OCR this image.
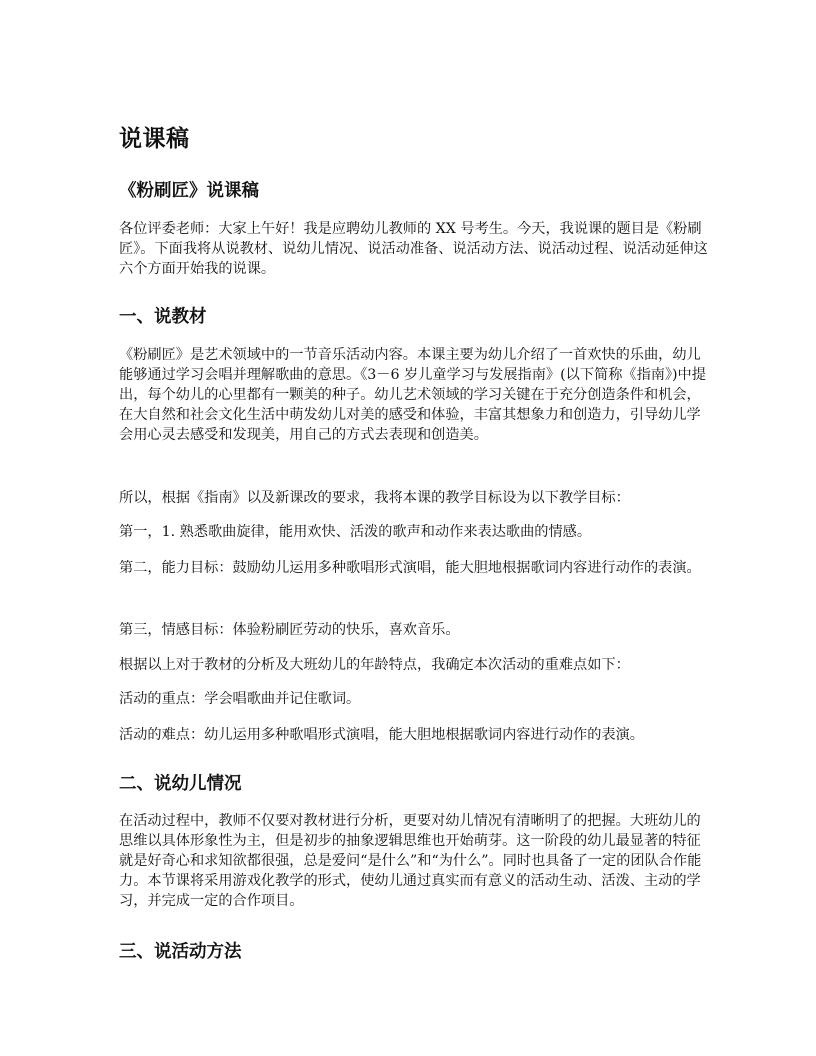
说课稿
《粉刷匠》说课稿

各位评委老师：大家上午好！我是应聘幼儿教师的 XX 号考生。今天，我说课的题目是《粉刷匠》。下面我将从说教材、说幼儿情况、说活动准备、说活动方法、说活动过程、说活动延伸这六个方面开始我的说课。

一、说教材

《粉刷匠》是艺术领域中的一节音乐活动内容。本课主要为幼儿介绍了一首欢快的乐曲，幼儿能够通过学习会唱并理解歌曲的意思。《3－6 岁儿童学习与发展指南》(以下简称《指南》)中提出，每个幼儿的心里都有一颗美的种子。幼儿艺术领域的学习关键在于充分创造条件和机会，在大自然和社会文化生活中萌发幼儿对美的感受和体验，丰富其想象力和创造力，引导幼儿学会用心灵去感受和发现美，用自己的方式去表现和创造美。

所以，根据《指南》以及新课改的要求，我将本课的教学目标设为以下教学目标：

第一，1. 熟悉歌曲旋律，能用欢快、活泼的歌声和动作来表达歌曲的情感。

第二，能力目标：鼓励幼儿运用多种歌唱形式演唱，能大胆地根据歌词内容进行动作的表演。

第三，情感目标：体验粉刷匠劳动的快乐，喜欢音乐。

根据以上对于教材的分析及大班幼儿的年龄特点，我确定本次活动的重难点如下：

活动的重点：学会唱歌曲并记住歌词。

活动的难点：幼儿运用多种歌唱形式演唱，能大胆地根据歌词内容进行动作的表演。

二、说幼儿情况

在活动过程中，教师不仅要对教材进行分析，更要对幼儿情况有清晰明了的把握。大班幼儿的思维以具体形象性为主，但是初步的抽象逻辑思维也开始萌芽。这一阶段的幼儿最显著的特征就是好奇心和求知欲都很强，总是爱问“是什么”和“为什么”。同时也具备了一定的团队合作能力。本节课将采用游戏化教学的形式，使幼儿通过真实而有意义的活动生动、活泼、主动的学习，并完成一定的合作项目。

三、说活动方法
